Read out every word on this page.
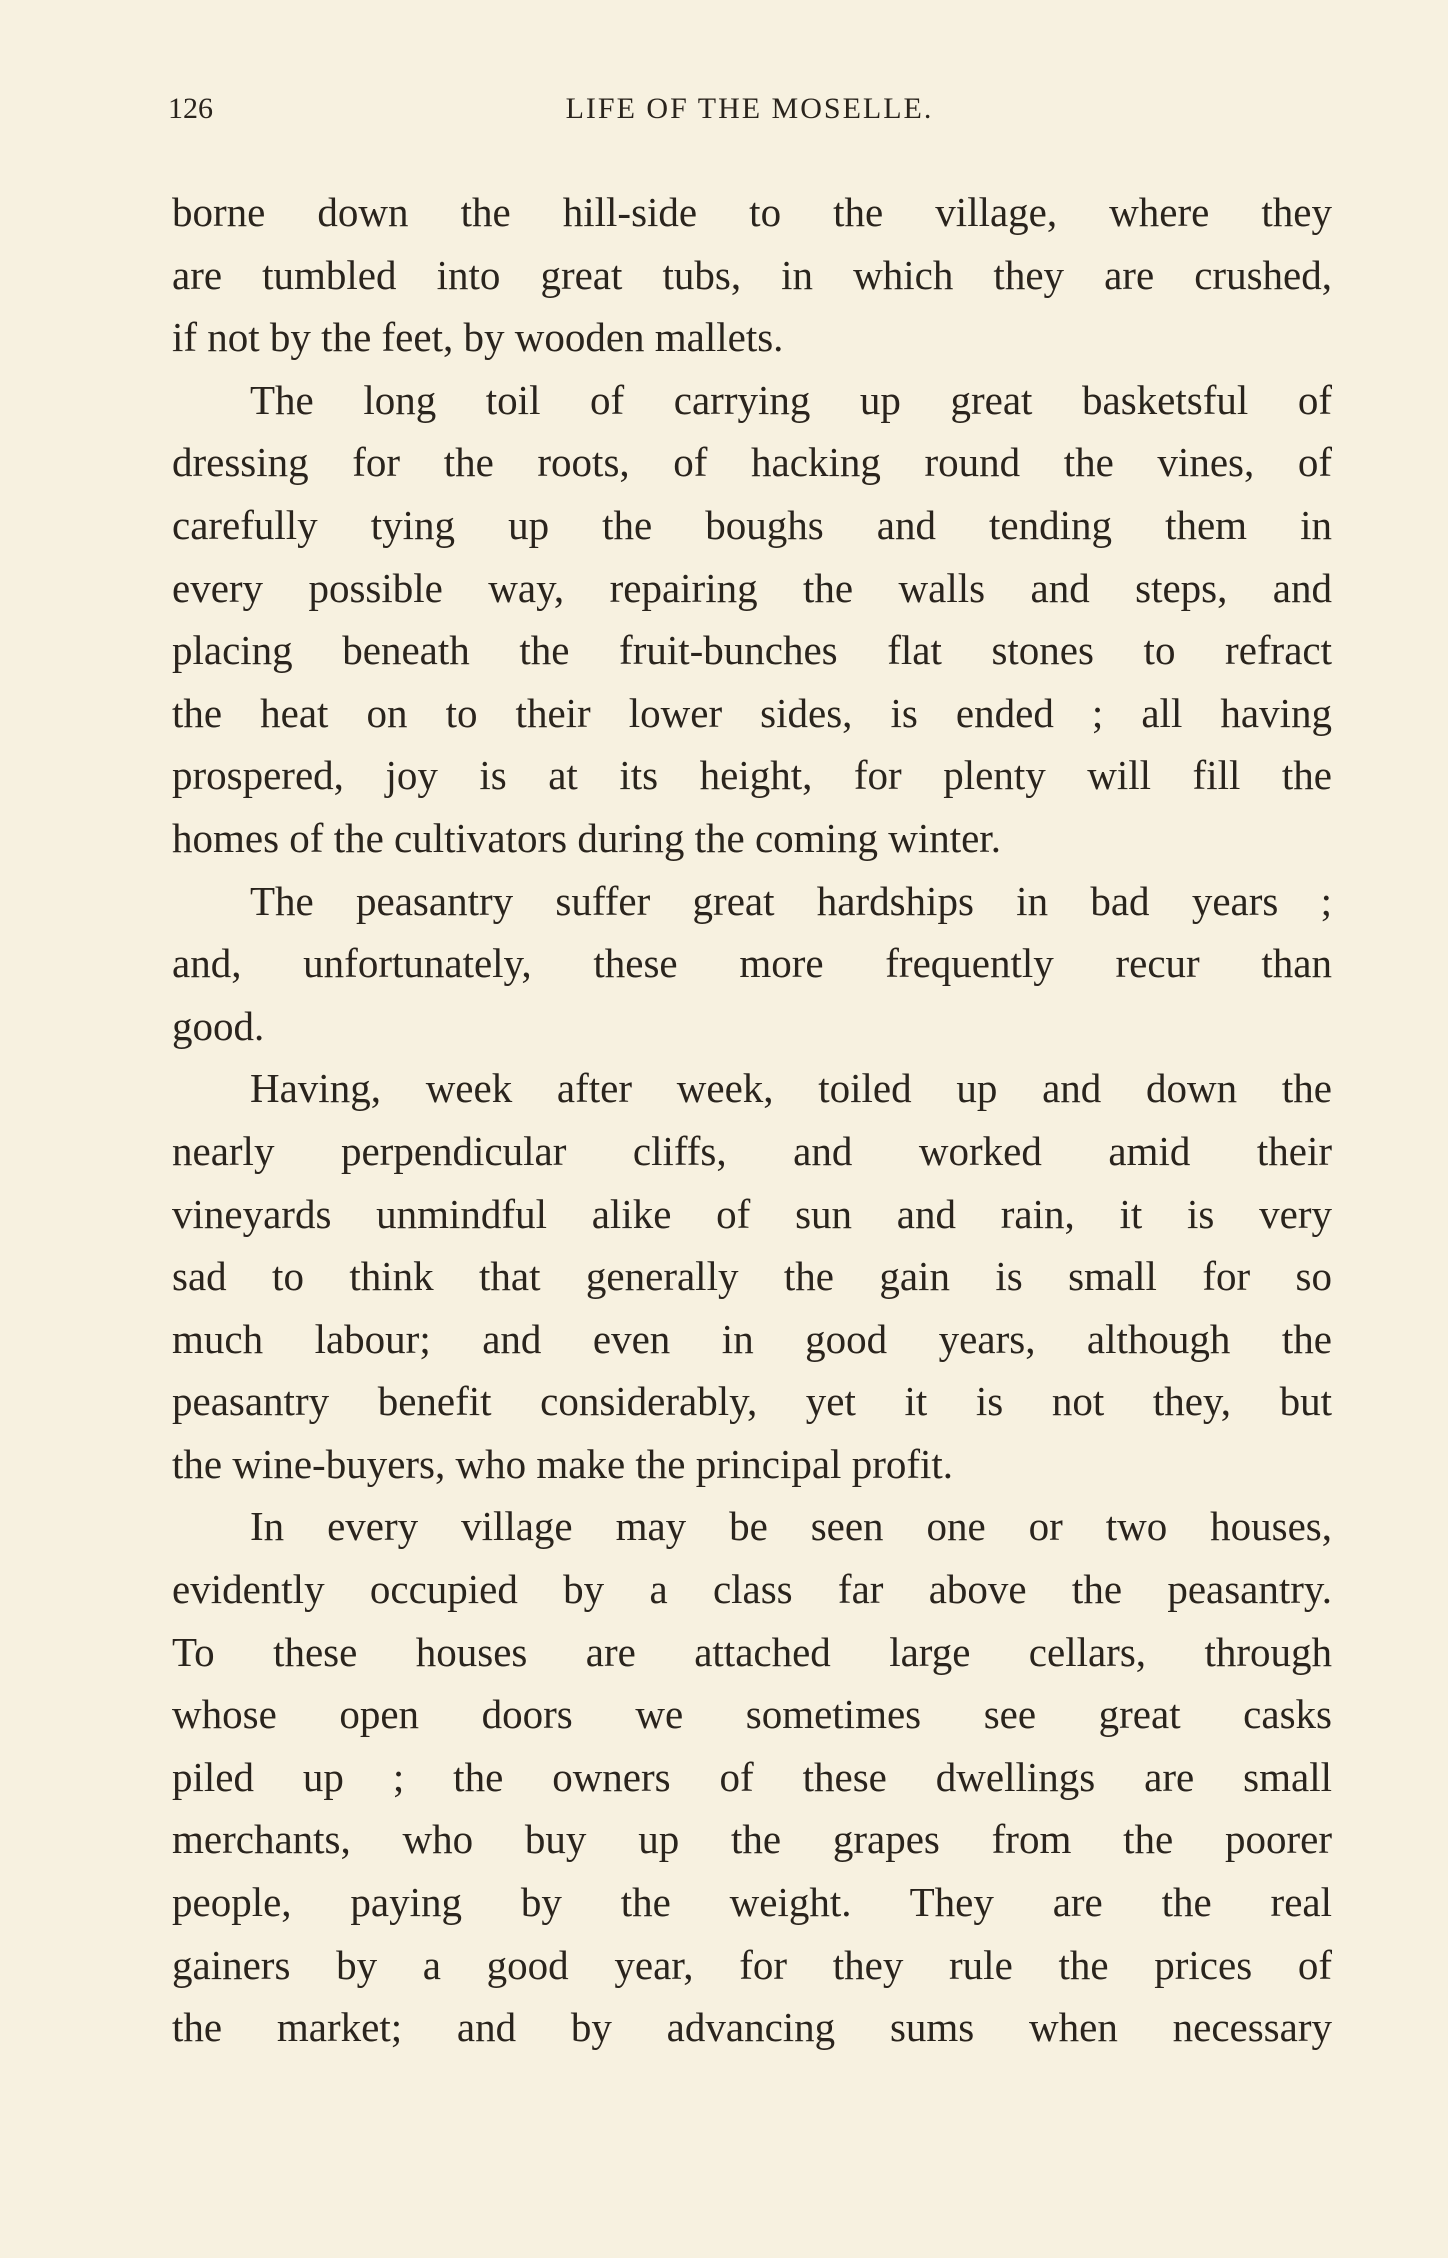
126	LIFE OF THE MOSELLE.
borne down the hill-side to the village, where they
are tumbled into great tubs, in which they are crushed,
if not by the feet, by wooden mallets.
The long toil of carrying up great basketsful of
dressing for the roots, of hacking round the vines, of
carefully tying up the boughs and tending them in
every possible way, repairing the walls and steps, and
placing beneath the fruit-bunches flat stones to refract
the heat on to their lower sides, is ended ; all having
prospered, joy is at its height, for plenty will fill the
homes of the cultivators during the coming winter.
The peasantry suffer great hardships in bad years ;
and, unfortunately, these more frequently recur than
good.
Having, week after week, toiled up and down the
nearly perpendicular cliffs, and worked amid their
vineyards unmindful alike of sun and rain, it is very
sad to think that generally the gain is small for so
much labour; and even in good years, although the
peasantry benefit considerably, yet it is not they, but
the wine-buyers, who make the principal profit.
In every village may be seen one or two houses,
evidently occupied by a class far above the peasantry.
To these houses are attached large cellars, through
whose open doors we sometimes see great casks
piled up ; the owners of these dwellings are small
merchants, who buy up the grapes from the poorer
people, paying by the weight. They are the real
gainers by a good year, for they rule the prices of
the market; and by advancing sums when necessary
